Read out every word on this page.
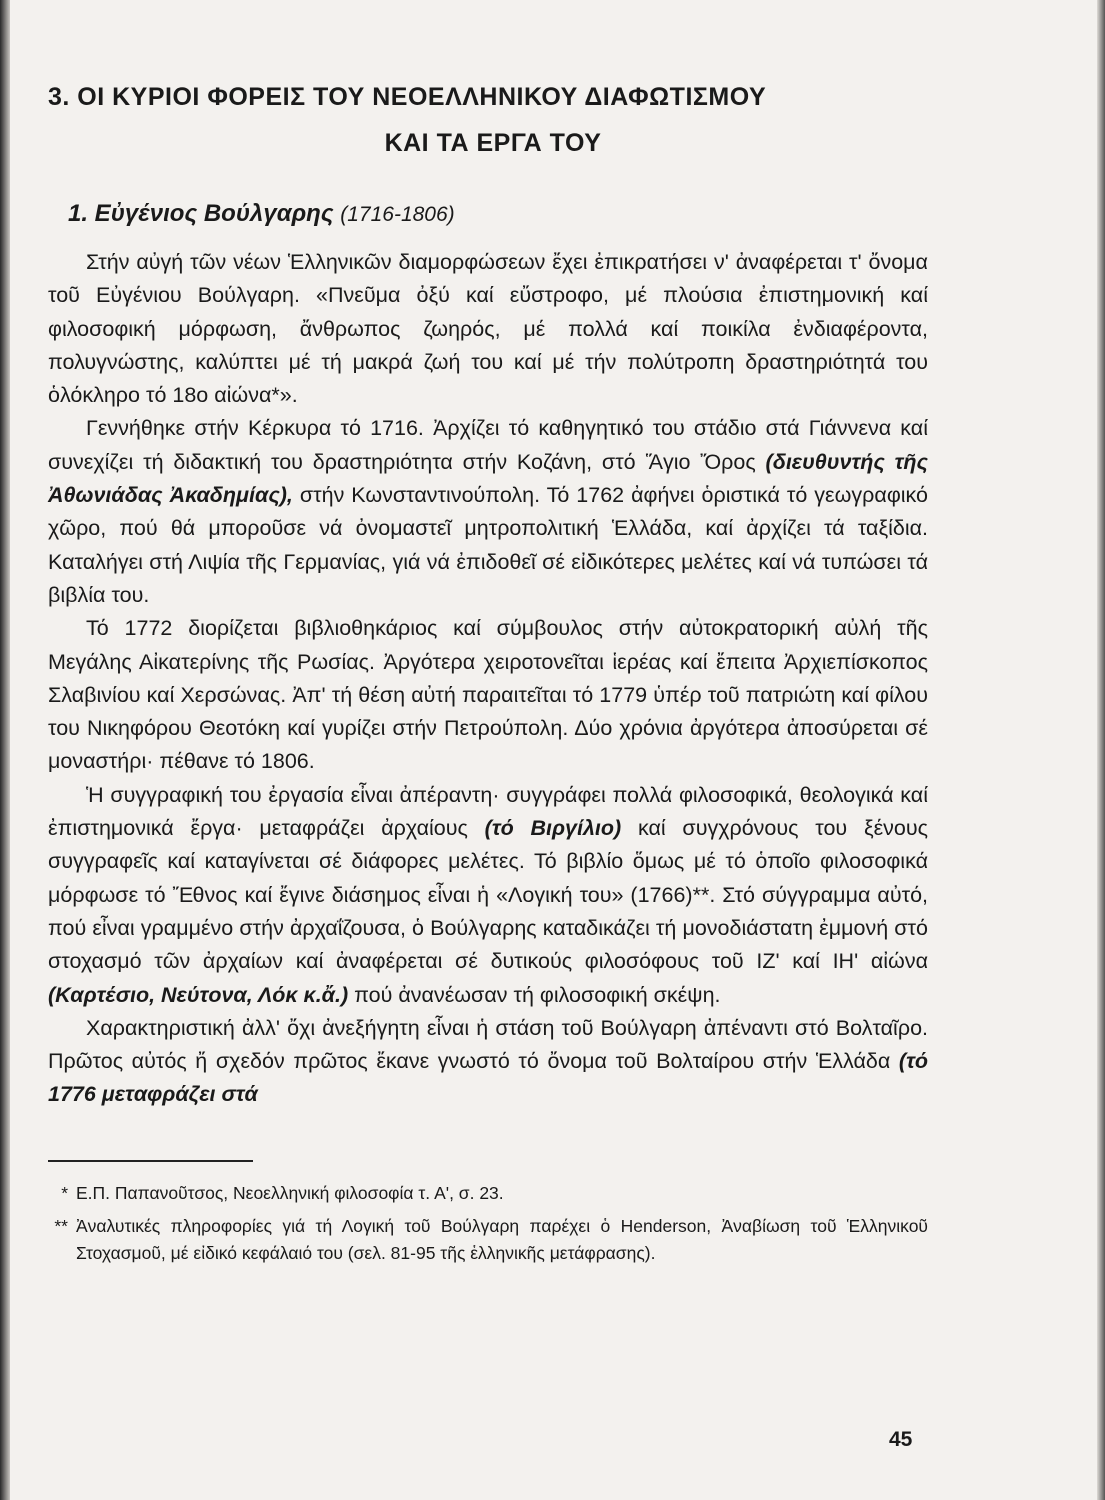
3. ΟΙ ΚΥΡΙΟΙ ΦΟΡΕΙΣ ΤΟΥ ΝΕΟΕΛΛΗΝΙΚΟΥ ΔΙΑΦΩΤΙΣΜΟΥ
ΚΑΙ ΤΑ ΕΡΓΑ ΤΟΥ
1. Εὐγένιος Βούλγαρης (1716-1806)

Στήν αὐγή τῶν νέων Ἑλληνικῶν διαμορφώσεων ἔχει ἐπικρατήσει ν' ἀναφέρεται τ' ὄνομα τοῦ Εὐγένιου Βούλγαρη. «Πνεῦμα ὀξύ καί εὔστροφο, μέ πλούσια ἐπιστημονική καί φιλοσοφική μόρφωση, ἄνθρωπος ζωηρός, μέ πολλά καί ποικίλα ἐνδιαφέροντα, πολυγνώστης, καλύπτει μέ τή μακρά ζωή του καί μέ τήν πολύτροπη δραστηριότητά του ὁλόκληρο τό 18ο αἰώνα*».

Γεννήθηκε στήν Κέρκυρα τό 1716. Ἀρχίζει τό καθηγητικό του στάδιο στά Γιάννενα καί συνεχίζει τή διδακτική του δραστηριότητα στήν Κοζάνη, στό Ἅγιο Ὄρος (διευθυντής τῆς Ἀθωνιάδας Ἀκαδημίας), στήν Κωνσταντινούπολη. Τό 1762 ἀφήνει ὁριστικά τό γεωγραφικό χῶρο, πού θά μποροῦσε νά ὀνομαστεῖ μητροπολιτική Ἑλλάδα, καί ἀρχίζει τά ταξίδια. Καταλήγει στή Λιψία τῆς Γερμανίας, γιά νά ἐπιδοθεῖ σέ εἰδικότερες μελέτες καί νά τυπώσει τά βιβλία του.

Τό 1772 διορίζεται βιβλιοθηκάριος καί σύμβουλος στήν αὐτοκρατορική αὐλή τῆς Μεγάλης Αἰκατερίνης τῆς Ρωσίας. Ἀργότερα χειροτονεῖται ἱερέας καί ἔπειτα Ἀρχιεπίσκοπος Σλαβινίου καί Χερσώνας. Ἀπ' τή θέση αὐτή παραιτεῖται τό 1779 ὑπέρ τοῦ πατριώτη καί φίλου του Νικηφόρου Θεοτόκη καί γυρίζει στήν Πετρούπολη. Δύο χρόνια ἀργότερα ἀποσύρεται σέ μοναστήρι· πέθανε τό 1806.

Ἡ συγγραφική του ἐργασία εἶναι ἀπέραντη· συγγράφει πολλά φιλοσοφικά, θεολογικά καί ἐπιστημονικά ἔργα· μεταφράζει ἀρχαίους (τό Βιργίλιο) καί συγχρόνους του ξένους συγγραφεῖς καί καταγίνεται σέ διάφορες μελέτες. Τό βιβλίο ὅμως μέ τό ὁποῖο φιλοσοφικά μόρφωσε τό Ἔθνος καί ἔγινε διάσημος εἶναι ἡ «Λογική του» (1766)**. Στό σύγγραμμα αὐτό, πού εἶναι γραμμένο στήν ἀρχαΐζουσα, ὁ Βούλγαρης καταδικάζει τή μονοδιάστατη ἐμμονή στό στοχασμό τῶν ἀρχαίων καί ἀναφέρεται σέ δυτικούς φιλοσόφους τοῦ ΙΖ' καί ΙΗ' αἰώνα (Καρτέσιο, Νεύτονα, Λόκ κ.ἄ.) πού ἀνανέωσαν τή φιλοσοφική σκέψη.

Χαρακτηριστική ἀλλ' ὄχι ἀνεξήγητη εἶναι ἡ στάση τοῦ Βούλγαρη ἀπέναντι στό Βολταῖρο. Πρῶτος αὐτός ἤ σχεδόν πρῶτος ἔκανε γνωστό τό ὄνομα τοῦ Βολταίρου στήν Ἑλλάδα (τό 1776 μεταφράζει στά

* Ε.Π. Παπανοῦτσος, Νεοελληνική φιλοσοφία τ. Α', σ. 23.

** Ἀναλυτικές πληροφορίες γιά τή Λογική τοῦ Βούλγαρη παρέχει ὁ Henderson, Ἀναβίωση τοῦ Ἑλληνικοῦ Στοχασμοῦ, μέ εἰδικό κεφάλαιό του (σελ. 81-95 τῆς ἑλληνικῆς μετάφρασης).

45
